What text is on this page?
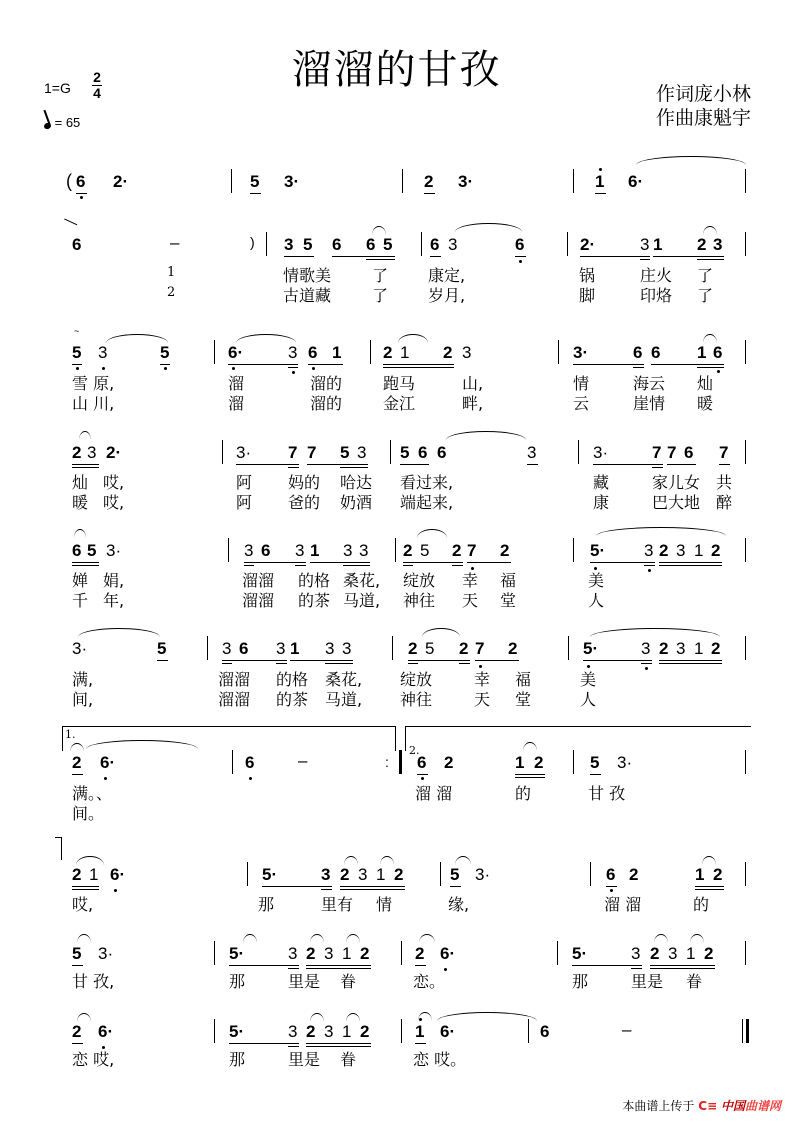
溜溜的甘孜
1=G
2
4
= 65
作词庞小林
作曲康魁宇
( 6 2·	5 3·	2 3·	1 6·
6	–	) 3 5 6 6 5 6 3	6	2·	3 1 2 3
1
2
情歌美	了 康定,	锅	庄火 了
古道藏	了 岁月,	脚	印烙 了
~
5 3	5	6·	3 6 1 2 1 2 3	3·	6 6 1 6
雪 原,	溜	溜的	跑马	山,	情	海云 灿
山 川,	溜	溜的	金江	畔,	云	崖情 暖
2 3 2·	3· 7 7 5 3 5 6 6	3	3·	7 7 6 7
灿 哎,	阿 妈的 哈达 看过来,	藏	家儿女 共
暖 哎,	阿 爸的 奶酒 端起来,	康	巴大地 醉
6 5 3·	3 6 3 1 3 3 2 5 2 7 2	5· 3 2 3 1 2
婵 娟,	溜溜 的格 桑花, 绽放 幸 福	美
千 年,	溜溜 的茶 马道, 神往 天 堂	人
3·	5	3 6 3 1 3 3	2 5 2 7 2	5·	3 2 3 1 2
满,	溜溜 的格 桑花, 绽放	幸 福	美
间,	溜溜 的茶 马道, 神往	天 堂	人
1.
2.
2 6·	6	–	: 6 2	1 2	5 3·
满。、	溜 溜	的	甘 孜
间。
2 1 6·	5·	3 2 3 1 2	5 3·	6 2	1 2
哎,	那	里有 情	缘,	溜 溜	的
5 3·	5·	3 2 3 1 2	2 6·	5·	3 2 3 1 2
甘 孜,	那	里是 眷	恋。	那	里是 眷
2 6·	5·	3 2 3 1 2	1 6·	6	–
恋 哎,	那	里是 眷	恋 哎。
本曲谱上传于 C≡ 中国曲谱网
